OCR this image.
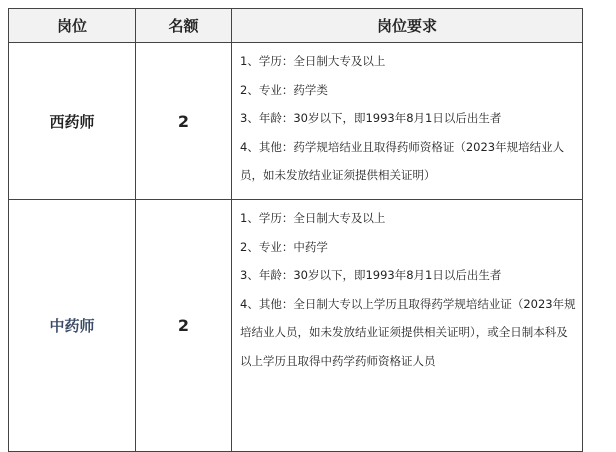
岗位	名额	岗位要求
西药师	2	1、学历：全日制大专及以上
2、专业：药学类
3、年龄：30岁以下，即1993年8月1日以后出生者
4、其他：药学规培结业且取得药师资格证（2023年规培结业人员，如未发放结业证须提供相关证明）

中药师	2	1、学历：全日制大专及以上
2、专业：中药学
3、年龄：30岁以下，即1993年8月1日以后出生者
4、其他：全日制大专以上学历且取得药学规培结业证（2023年规培结业人员，如未发放结业证须提供相关证明），或全日制本科及以上学历且取得中药学药师资格证人员
